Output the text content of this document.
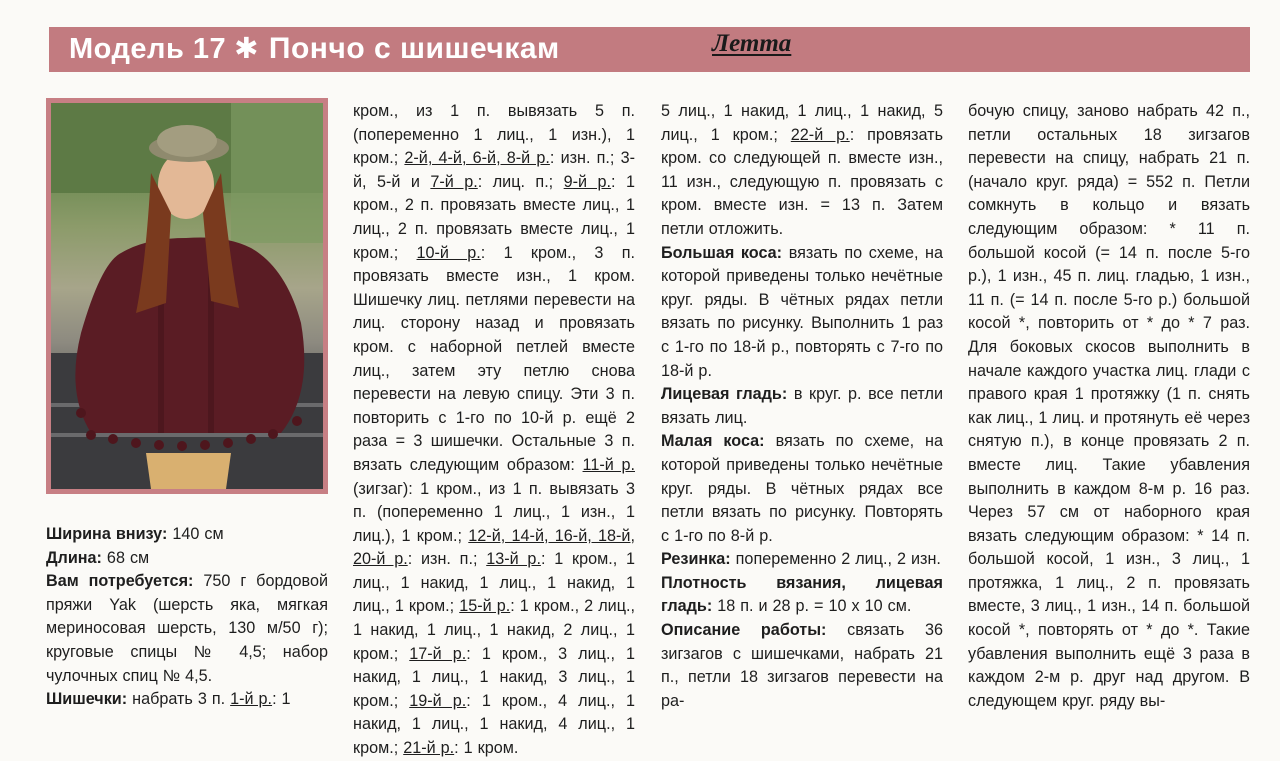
Модель 17 ✱ Пончо с шишечкам	Летта

Ширина внизу: 140 см

Длина: 68 см

Вам потребуется: 750 г бордовой пряжи Yak (шерсть яка, мягкая мериносовая шерсть, 130 м/50 г); круговые спицы № 4,5; набор чулочных спиц № 4,5.

Шишечки: набрать 3 п. 1-й р.: 1

кром., из 1 п. вывязать 5 п. (попеременно 1 лиц., 1 изн.), 1 кром.; 2-й, 4-й, 6-й, 8-й р.: изн. п.; 3-й, 5-й и 7-й р.: лиц. п.; 9-й р.: 1 кром., 2 п. провязать вместе лиц., 1 лиц., 2 п. провязать вместе лиц., 1 кром.; 10-й р.: 1 кром., 3 п. провязать вместе изн., 1 кром. Шишечку лиц. петлями перевести на лиц. сторону назад и провязать кром. с наборной петлей вместе лиц., затем эту петлю снова перевести на левую спицу. Эти 3 п. повторить с 1-го по 10-й р. ещё 2 раза = 3 шишечки. Остальные 3 п. вязать следующим образом: 11-й р. (зигзаг): 1 кром., из 1 п. вывязать 3 п. (попеременно 1 лиц., 1 изн., 1 лиц.), 1 кром.; 12-й, 14-й, 16-й, 18-й, 20-й р.: изн. п.; 13-й р.: 1 кром., 1 лиц., 1 накид, 1 лиц., 1 накид, 1 лиц., 1 кром.; 15-й р.: 1 кром., 2 лиц., 1 накид, 1 лиц., 1 накид, 2 лиц., 1 кром.; 17-й р.: 1 кром., 3 лиц., 1 накид, 1 лиц., 1 накид, 3 лиц., 1 кром.; 19-й р.: 1 кром., 4 лиц., 1 накид, 1 лиц., 1 накид, 4 лиц., 1 кром.; 21-й р.: 1 кром.

5 лиц., 1 накид, 1 лиц., 1 накид, 5 лиц., 1 кром.; 22-й р.: провязать кром. со следующей п. вместе изн., 11 изн., следующую п. провязать с кром. вместе изн. = 13 п. Затем петли отложить.

Большая коса: вязать по схеме, на которой приведены только нечётные круг. ряды. В чётных рядах петли вязать по рисунку. Выполнить 1 раз с 1-го по 18-й р., повторять с 7-го по 18-й р.

Лицевая гладь: в круг. р. все петли вязать лиц.

Малая коса: вязать по схеме, на которой приведены только нечётные круг. ряды. В чётных рядах все петли вязать по рисунку. Повторять с 1-го по 8-й р.

Резинка: попеременно 2 лиц., 2 изн.

Плотность вязания, лицевая гладь: 18 п. и 28 р. = 10 х 10 см.

Описание работы: связать 36 зигзагов с шишечками, набрать 21 п., петли 18 зигзагов перевести на ра-

бочую спицу, заново набрать 42 п., петли остальных 18 зигзагов перевести на спицу, набрать 21 п. (начало круг. ряда) = 552 п. Петли сомкнуть в кольцо и вязать следующим образом: * 11 п. большой косой (= 14 п. после 5-го р.), 1 изн., 45 п. лиц. гладью, 1 изн., 11 п. (= 14 п. после 5-го р.) большой косой *, повторить от * до * 7 раз. Для боковых скосов выполнить в начале каждого участка лиц. глади с правого края 1 протяжку (1 п. снять как лиц., 1 лиц. и протянуть её через снятую п.), в конце провязать 2 п. вместе лиц. Такие убавления выполнить в каждом 8-м р. 16 раз. Через 57 см от наборного края вязать следующим образом: * 14 п. большой косой, 1 изн., 3 лиц., 1 протяжка, 1 лиц., 2 п. провязать вместе, 3 лиц., 1 изн., 14 п. большой косой *, повторять от * до *. Такие убавления выполнить ещё 3 раза в каждом 2-м р. друг над другом. В следующем круг. ряду вы-
